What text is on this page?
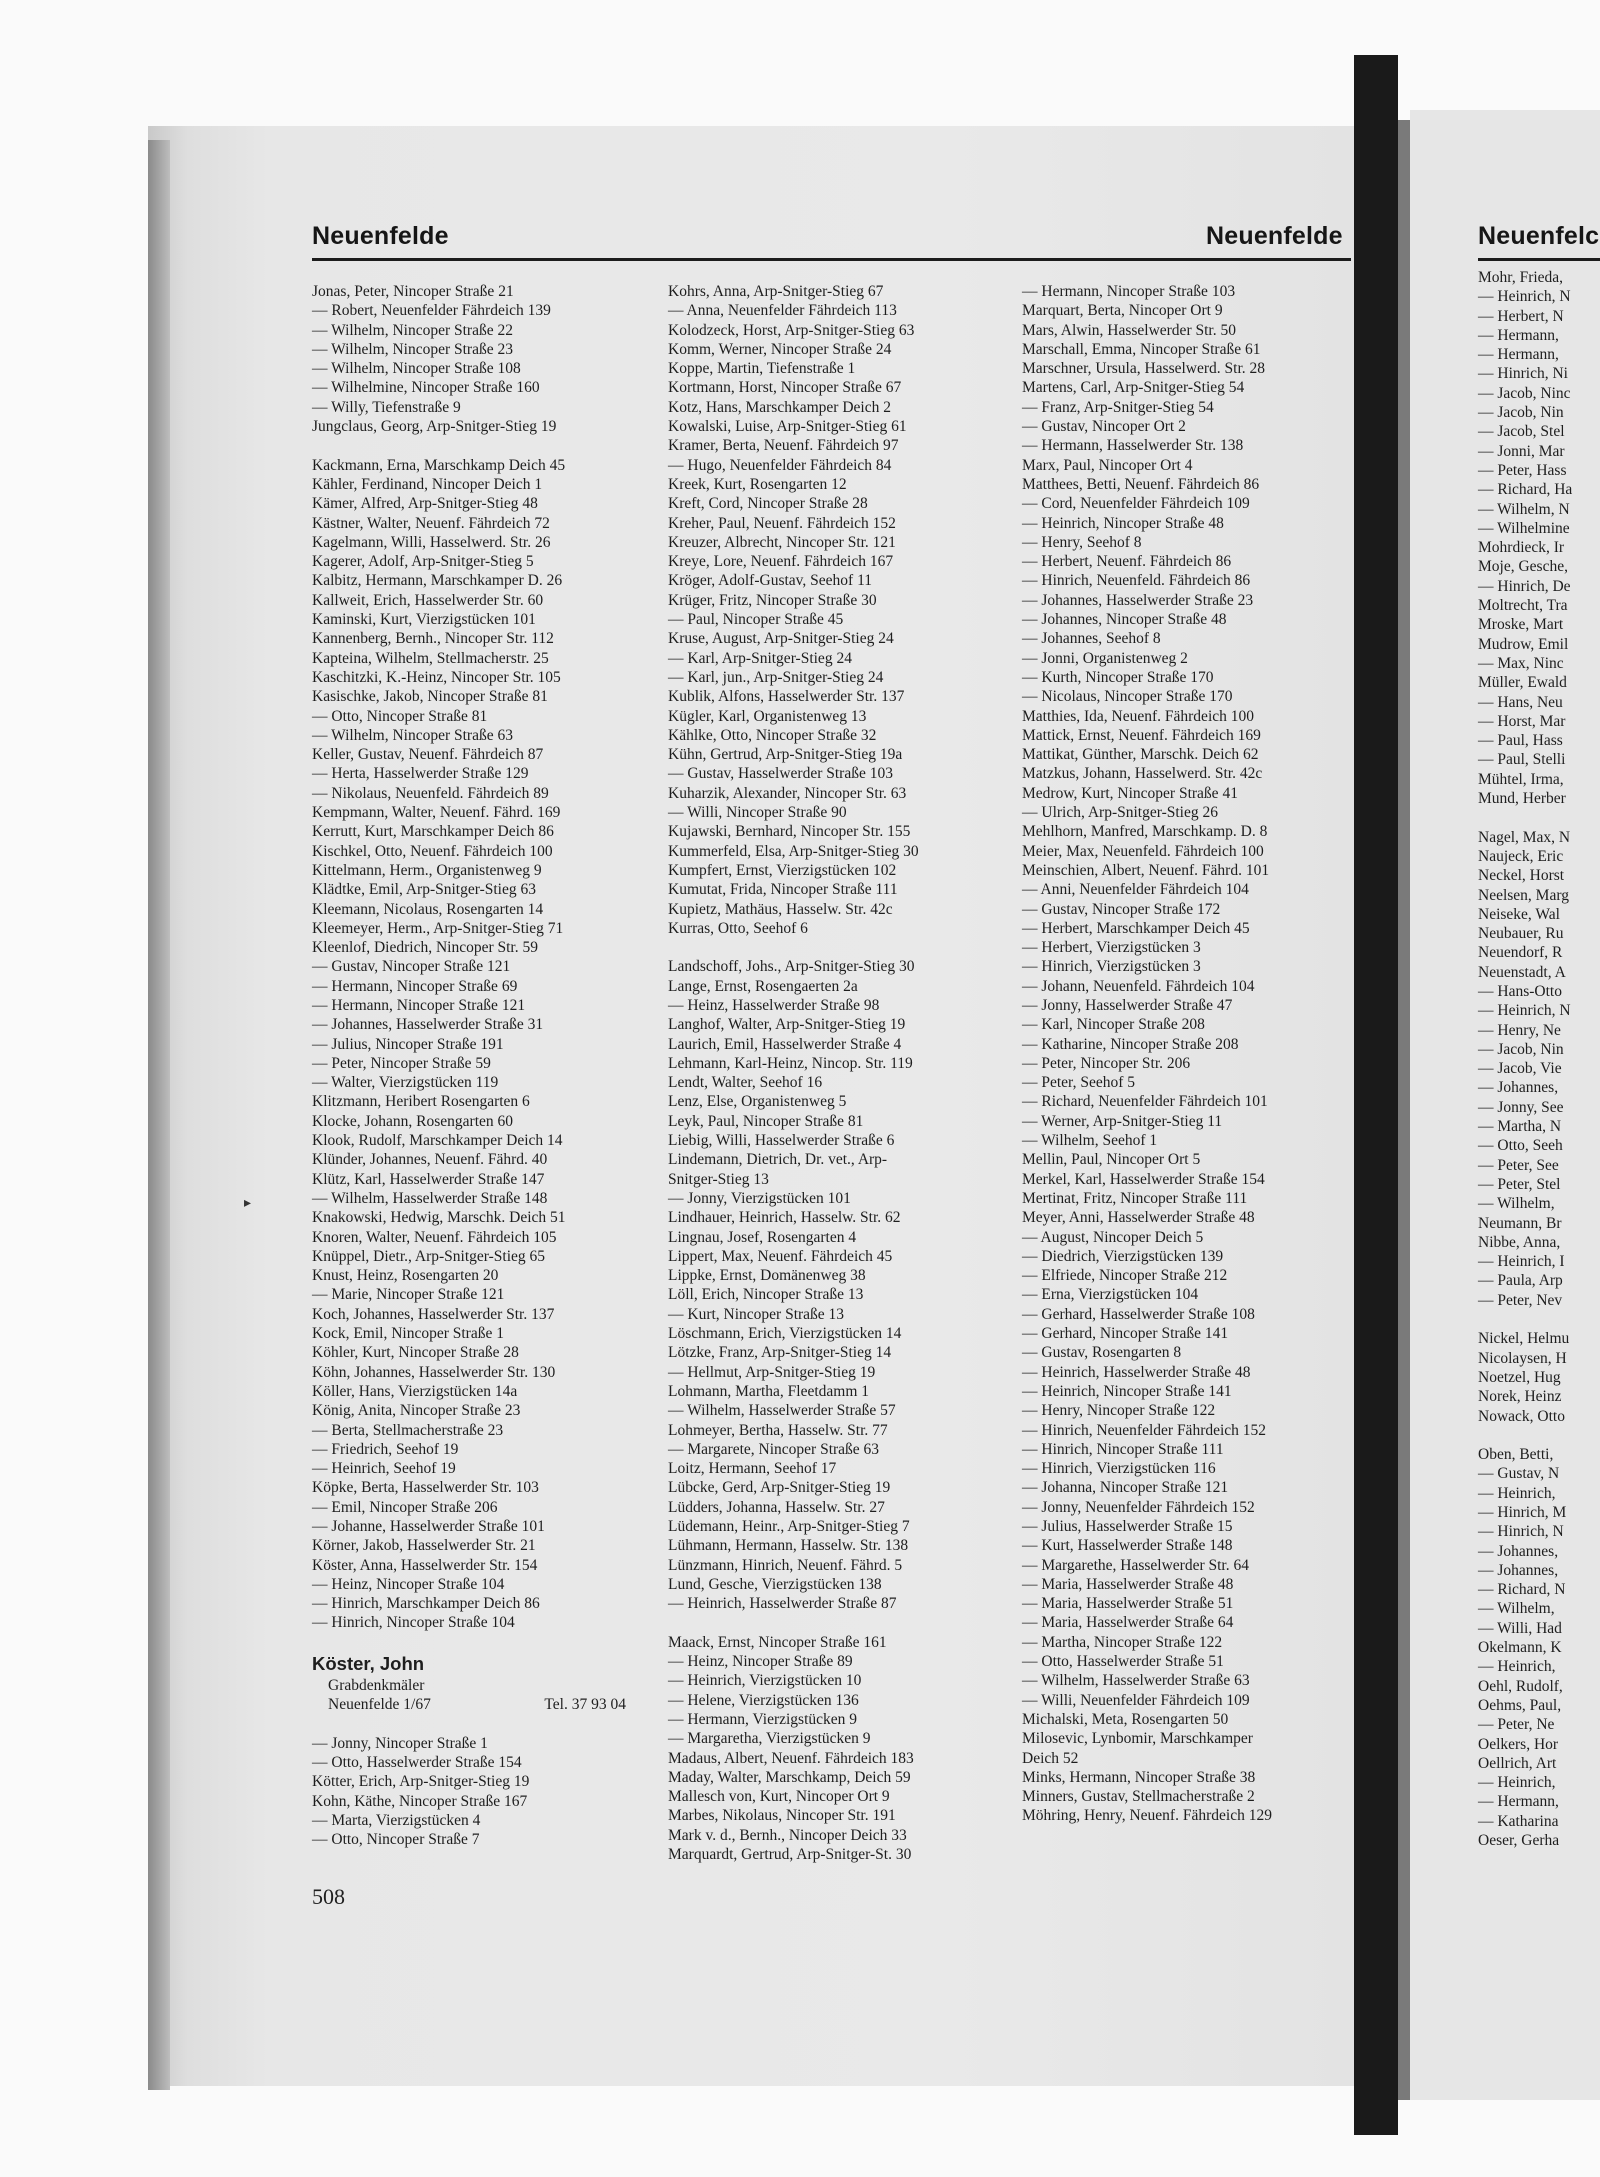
Neuenfelde	Neuenfelde	Neuenfelc
Jonas, Peter, Nincoper Straße 21
— Robert, Neuenfelder Fährdeich 139
— Wilhelm, Nincoper Straße 22
— Wilhelm, Nincoper Straße 23
— Wilhelm, Nincoper Straße 108
— Wilhelmine, Nincoper Straße 160
— Willy, Tiefenstraße 9
Jungclaus, Georg, Arp-Snitger-Stieg 19
Kackmann, Erna, Marschkamp Deich 45
Kähler, Ferdinand, Nincoper Deich 1
Kämer, Alfred, Arp-Snitger-Stieg 48
Kästner, Walter, Neuenf. Fährdeich 72
Kagelmann, Willi, Hasselwerd. Str. 26
Kagerer, Adolf, Arp-Snitger-Stieg 5
Kalbitz, Hermann, Marschkamper D. 26
Kallweit, Erich, Hasselwerder Str. 60
Kaminski, Kurt, Vierzigstücken 101
Kannenberg, Bernh., Nincoper Str. 112
Kapteina, Wilhelm, Stellmacherstr. 25
Kaschitzki, K.-Heinz, Nincoper Str. 105
Kasischke, Jakob, Nincoper Straße 81
— Otto, Nincoper Straße 81
— Wilhelm, Nincoper Straße 63
Keller, Gustav, Neuenf. Fährdeich 87
— Herta, Hasselwerder Straße 129
— Nikolaus, Neuenfeld. Fährdeich 89
Kempmann, Walter, Neuenf. Fährd. 169
Kerrutt, Kurt, Marschkamper Deich 86
Kischkel, Otto, Neuenf. Fährdeich 100
Kittelmann, Herm., Organistenweg 9
Klädtke, Emil, Arp-Snitger-Stieg 63
Kleemann, Nicolaus, Rosengarten 14
Kleemeyer, Herm., Arp-Snitger-Stieg 71
Kleenlof, Diedrich, Nincoper Str. 59
— Gustav, Nincoper Straße 121
— Hermann, Nincoper Straße 69
— Hermann, Nincoper Straße 121
— Johannes, Hasselwerder Straße 31
— Julius, Nincoper Straße 191
— Peter, Nincoper Straße 59
— Walter, Vierzigstücken 119
Klitzmann, Heribert Rosengarten 6
Klocke, Johann, Rosengarten 60
Klook, Rudolf, Marschkamper Deich 14
Klünder, Johannes, Neuenf. Fährd. 40
Klütz, Karl, Hasselwerder Straße 147
— Wilhelm, Hasselwerder Straße 148
Knakowski, Hedwig, Marschk. Deich 51
Knoren, Walter, Neuenf. Fährdeich 105
Knüppel, Dietr., Arp-Snitger-Stieg 65
Knust, Heinz, Rosengarten 20
— Marie, Nincoper Straße 121
Koch, Johannes, Hasselwerder Str. 137
Kock, Emil, Nincoper Straße 1
Köhler, Kurt, Nincoper Straße 28
Köhn, Johannes, Hasselwerder Str. 130
Köller, Hans, Vierzigstücken 14a
König, Anita, Nincoper Straße 23
— Berta, Stellmacherstraße 23
— Friedrich, Seehof 19
— Heinrich, Seehof 19
Köpke, Berta, Hasselwerder Str. 103
— Emil, Nincoper Straße 206
— Johanne, Hasselwerder Straße 101
Körner, Jakob, Hasselwerder Str. 21
Köster, Anna, Hasselwerder Str. 154
— Heinz, Nincoper Straße 104
— Hinrich, Marschkamper Deich 86
— Hinrich, Nincoper Straße 104
Köster, John
Grabdenkmäler
Neuenfelde 1/67	Tel. 37 93 04
— Jonny, Nincoper Straße 1
— Otto, Hasselwerder Straße 154
Kötter, Erich, Arp-Snitger-Stieg 19
Kohn, Käthe, Nincoper Straße 167
— Marta, Vierzigstücken 4
— Otto, Nincoper Straße 7
Kohrs, Anna, Arp-Snitger-Stieg 67
— Anna, Neuenfelder Fährdeich 113
Kolodzeck, Horst, Arp-Snitger-Stieg 63
Komm, Werner, Nincoper Straße 24
Koppe, Martin, Tiefenstraße 1
Kortmann, Horst, Nincoper Straße 67
Kotz, Hans, Marschkamper Deich 2
Kowalski, Luise, Arp-Snitger-Stieg 61
Kramer, Berta, Neuenf. Fährdeich 97
— Hugo, Neuenfelder Fährdeich 84
Kreek, Kurt, Rosengarten 12
Kreft, Cord, Nincoper Straße 28
Kreher, Paul, Neuenf. Fährdeich 152
Kreuzer, Albrecht, Nincoper Str. 121
Kreye, Lore, Neuenf. Fährdeich 167
Kröger, Adolf-Gustav, Seehof 11
Krüger, Fritz, Nincoper Straße 30
— Paul, Nincoper Straße 45
Kruse, August, Arp-Snitger-Stieg 24
— Karl, Arp-Snitger-Stieg 24
— Karl, jun., Arp-Snitger-Stieg 24
Kublik, Alfons, Hasselwerder Str. 137
Kügler, Karl, Organistenweg 13
Kählke, Otto, Nincoper Straße 32
Kühn, Gertrud, Arp-Snitger-Stieg 19a
— Gustav, Hasselwerder Straße 103
Kuharzik, Alexander, Nincoper Str. 63
— Willi, Nincoper Straße 90
Kujawski, Bernhard, Nincoper Str. 155
Kummerfeld, Elsa, Arp-Snitger-Stieg 30
Kumpfert, Ernst, Vierzigstücken 102
Kumutat, Frida, Nincoper Straße 111
Kupietz, Mathäus, Hasselw. Str. 42c
Kurras, Otto, Seehof 6
Landschoff, Johs., Arp-Snitger-Stieg 30
Lange, Ernst, Rosengaerten 2a
— Heinz, Hasselwerder Straße 98
Langhof, Walter, Arp-Snitger-Stieg 19
Laurich, Emil, Hasselwerder Straße 4
Lehmann, Karl-Heinz, Nincop. Str. 119
Lendt, Walter, Seehof 16
Lenz, Else, Organistenweg 5
Leyk, Paul, Nincoper Straße 81
Liebig, Willi, Hasselwerder Straße 6
Lindemann, Dietrich, Dr. vet., Arp-
Snitger-Stieg 13
— Jonny, Vierzigstücken 101
Lindhauer, Heinrich, Hasselw. Str. 62
Lingnau, Josef, Rosengarten 4
Lippert, Max, Neuenf. Fährdeich 45
Lippke, Ernst, Domänenweg 38
Löll, Erich, Nincoper Straße 13
— Kurt, Nincoper Straße 13
Löschmann, Erich, Vierzigstücken 14
Lötzke, Franz, Arp-Snitger-Stieg 14
— Hellmut, Arp-Snitger-Stieg 19
Lohmann, Martha, Fleetdamm 1
— Wilhelm, Hasselwerder Straße 57
Lohmeyer, Bertha, Hasselw. Str. 77
— Margarete, Nincoper Straße 63
Loitz, Hermann, Seehof 17
Lübcke, Gerd, Arp-Snitger-Stieg 19
Lüdders, Johanna, Hasselw. Str. 27
Lüdemann, Heinr., Arp-Snitger-Stieg 7
Lühmann, Hermann, Hasselw. Str. 138
Lünzmann, Hinrich, Neuenf. Fährd. 5
Lund, Gesche, Vierzigstücken 138
— Heinrich, Hasselwerder Straße 87
Maack, Ernst, Nincoper Straße 161
— Heinz, Nincoper Straße 89
— Heinrich, Vierzigstücken 10
— Helene, Vierzigstücken 136
— Hermann, Vierzigstücken 9
— Margaretha, Vierzigstücken 9
Madaus, Albert, Neuenf. Fährdeich 183
Maday, Walter, Marschkamp, Deich 59
Mallesch von, Kurt, Nincoper Ort 9
Marbes, Nikolaus, Nincoper Str. 191
Mark v. d., Bernh., Nincoper Deich 33
Marquardt, Gertrud, Arp-Snitger-St. 30
— Hermann, Nincoper Straße 103
Marquart, Berta, Nincoper Ort 9
Mars, Alwin, Hasselwerder Str. 50
Marschall, Emma, Nincoper Straße 61
Marschner, Ursula, Hasselwerd. Str. 28
Martens, Carl, Arp-Snitger-Stieg 54
— Franz, Arp-Snitger-Stieg 54
— Gustav, Nincoper Ort 2
— Hermann, Hasselwerder Str. 138
Marx, Paul, Nincoper Ort 4
Matthees, Betti, Neuenf. Fährdeich 86
— Cord, Neuenfelder Fährdeich 109
— Heinrich, Nincoper Straße 48
— Henry, Seehof 8
— Herbert, Neuenf. Fährdeich 86
— Hinrich, Neuenfeld. Fährdeich 86
— Johannes, Hasselwerder Straße 23
— Johannes, Nincoper Straße 48
— Johannes, Seehof 8
— Jonni, Organistenweg 2
— Kurth, Nincoper Straße 170
— Nicolaus, Nincoper Straße 170
Matthies, Ida, Neuenf. Fährdeich 100
Mattick, Ernst, Neuenf. Fährdeich 169
Mattikat, Günther, Marschk. Deich 62
Matzkus, Johann, Hasselwerd. Str. 42c
Medrow, Kurt, Nincoper Straße 41
— Ulrich, Arp-Snitger-Stieg 26
Mehlhorn, Manfred, Marschkamp. D. 8
Meier, Max, Neuenfeld. Fährdeich 100
Meinschien, Albert, Neuenf. Fährd. 101
— Anni, Neuenfelder Fährdeich 104
— Gustav, Nincoper Straße 172
— Herbert, Marschkamper Deich 45
— Herbert, Vierzigstücken 3
— Hinrich, Vierzigstücken 3
— Johann, Neuenfeld. Fährdeich 104
— Jonny, Hasselwerder Straße 47
— Karl, Nincoper Straße 208
— Katharine, Nincoper Straße 208
— Peter, Nincoper Str. 206
— Peter, Seehof 5
— Richard, Neuenfelder Fährdeich 101
— Werner, Arp-Snitger-Stieg 11
— Wilhelm, Seehof 1
Mellin, Paul, Nincoper Ort 5
Merkel, Karl, Hasselwerder Straße 154
Mertinat, Fritz, Nincoper Straße 111
Meyer, Anni, Hasselwerder Straße 48
— August, Nincoper Deich 5
— Diedrich, Vierzigstücken 139
— Elfriede, Nincoper Straße 212
— Erna, Vierzigstücken 104
— Gerhard, Hasselwerder Straße 108
— Gerhard, Nincoper Straße 141
— Gustav, Rosengarten 8
— Heinrich, Hasselwerder Straße 48
— Heinrich, Nincoper Straße 141
— Henry, Nincoper Straße 122
— Hinrich, Neuenfelder Fährdeich 152
— Hinrich, Nincoper Straße 111
— Hinrich, Vierzigstücken 116
— Johanna, Nincoper Straße 121
— Jonny, Neuenfelder Fährdeich 152
— Julius, Hasselwerder Straße 15
— Kurt, Hasselwerder Straße 148
— Margarethe, Hasselwerder Str. 64
— Maria, Hasselwerder Straße 48
— Maria, Hasselwerder Straße 51
— Maria, Hasselwerder Straße 64
— Martha, Nincoper Straße 122
— Otto, Hasselwerder Straße 51
— Wilhelm, Hasselwerder Straße 63
— Willi, Neuenfelder Fährdeich 109
Michalski, Meta, Rosengarten 50
Milosevic, Lynbomir, Marschkamper
Deich 52
Minks, Hermann, Nincoper Straße 38
Minners, Gustav, Stellmacherstraße 2
Möhring, Henry, Neuenf. Fährdeich 129
Mohr, Frieda,
— Heinrich, N
— Herbert, N
— Hermann,
— Hermann,
— Hinrich, Ni
— Jacob, Ninc
— Jacob, Nin
— Jacob, Stel
— Jonni, Mar
— Peter, Hass
— Richard, Ha
— Wilhelm, N
— Wilhelmine
Mohrdieck, Ir
Moje, Gesche,
— Hinrich, De
Moltrecht, Tra
Mroske, Mart
Mudrow, Emil
— Max, Ninc
Müller, Ewald
— Hans, Neu
— Horst, Mar
— Paul, Hass
— Paul, Stelli
Mühtel, Irma,
Mund, Herber
Nagel, Max, N
Naujeck, Eric
Neckel, Horst
Neelsen, Marg
Neiseke, Wal
Neubauer, Ru
Neuendorf, R
Neuenstadt, A
— Hans-Otto
— Heinrich, N
— Henry, Ne
— Jacob, Nin
— Jacob, Vie
— Johannes,
— Jonny, See
— Martha, N
— Otto, Seeh
— Peter, See
— Peter, Stel
— Wilhelm,
Neumann, Br
Nibbe, Anna,
— Heinrich, I
— Paula, Arp
— Peter, Nev
Nickel, Helmu
Nicolaysen, H
Noetzel, Hug
Norek, Heinz
Nowack, Otto
Oben, Betti,
— Gustav, N
— Heinrich,
— Hinrich, M
— Hinrich, N
— Johannes,
— Johannes,
— Richard, N
— Wilhelm,
— Willi, Had
Okelmann, K
— Heinrich,
Oehl, Rudolf,
Oehms, Paul,
— Peter, Ne
Oelkers, Hor
Oellrich, Art
— Heinrich,
— Hermann,
— Katharina
Oeser, Gerha
508
▸
